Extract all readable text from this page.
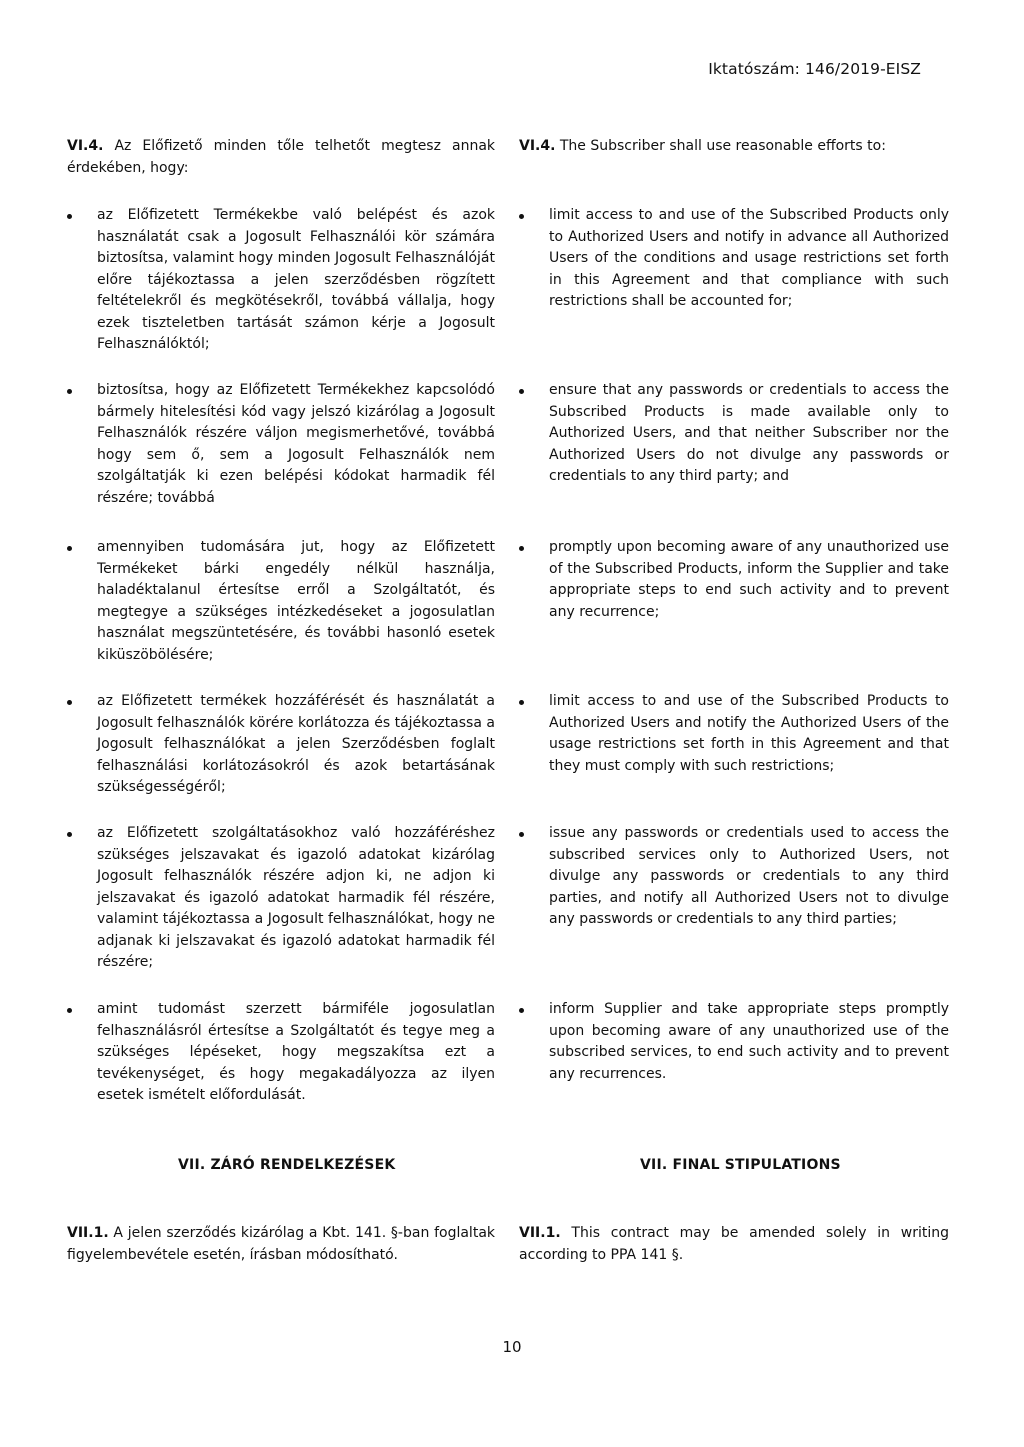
Iktatószám: 146/2019-EISZ
VI.4. Az Előfizető minden tőle telhetőt megtesz annak érdekében, hogy:
az Előfizetett Termékekbe való belépést és azok használatát csak a Jogosult Felhasználói kör számára biztosítsa, valamint hogy minden Jogosult Felhasználóját előre tájékoztassa a jelen szerződésben rögzített feltételekről és megkötésekről, továbbá vállalja, hogy ezek tiszteletben tartását számon kérje a Jogosult Felhasználóktól;
biztosítsa, hogy az Előfizetett Termékekhez kapcsolódó bármely hitelesítési kód vagy jelszó kizárólag a Jogosult Felhasználók részére váljon megismerhetővé, továbbá hogy sem ő, sem a Jogosult Felhasználók nem szolgáltatják ki ezen belépési kódokat harmadik fél részére; továbbá
amennyiben tudomására jut, hogy az Előfizetett Termékeket bárki engedély nélkül használja, haladéktalanul értesítse erről a Szolgáltatót, és megtegye a szükséges intézkedéseket a jogosulatlan használat megszüntetésére, és további hasonló esetek kiküszöbölésére;
az Előfizetett termékek hozzáférését és használatát a Jogosult felhasználók körére korlátozza és tájékoztassa a Jogosult felhasználókat a jelen Szerződésben foglalt felhasználási korlátozásokról és azok betartásának szükségességéről;
az Előfizetett szolgáltatásokhoz való hozzáféréshez szükséges jelszavakat és igazoló adatokat kizárólag Jogosult felhasználók részére adjon ki, ne adjon ki jelszavakat és igazoló adatokat harmadik fél részére, valamint tájékoztassa a Jogosult felhasználókat, hogy ne adjanak ki jelszavakat és igazoló adatokat harmadik fél részére;
amint tudomást szerzett bármiféle jogosulatlan felhasználásról értesítse a Szolgáltatót és tegye meg a szükséges lépéseket, hogy megszakítsa ezt a tevékenységet, és hogy megakadályozza az ilyen esetek ismételt előfordulását.
VII.1. A jelen szerződés kizárólag a Kbt. 141. §-ban foglaltak figyelembevétele esetén, írásban módosítható.
VI.4. The Subscriber shall use reasonable efforts to:
limit access to and use of the Subscribed Products only to Authorized Users and notify in advance all Authorized Users of the conditions and usage restrictions set forth in this Agreement and that compliance with such restrictions shall be accounted for;
ensure that any passwords or credentials to access the Subscribed Products is made available only to Authorized Users, and that neither Subscriber nor the Authorized Users do not divulge any passwords or credentials to any third party; and
promptly upon becoming aware of any unauthorized use of the Subscribed Products, inform the Supplier and take appropriate steps to end such activity and to prevent any recurrence;
limit access to and use of the Subscribed Products to Authorized Users and notify the Authorized Users of the usage restrictions set forth in this Agreement and that they must comply with such restrictions;
issue any passwords or credentials used to access the subscribed services only to Authorized Users, not divulge any passwords or credentials to any third parties, and notify all Authorized Users not to divulge any passwords or credentials to any third parties;
inform Supplier and take appropriate steps promptly upon becoming aware of any unauthorized use of the subscribed services, to end such activity and to prevent any recurrences.
VII.1. This contract may be amended solely in writing according to PPA 141 §.
VII. ZÁRÓ RENDELKEZÉSEK	VII. FINAL STIPULATIONS
10
